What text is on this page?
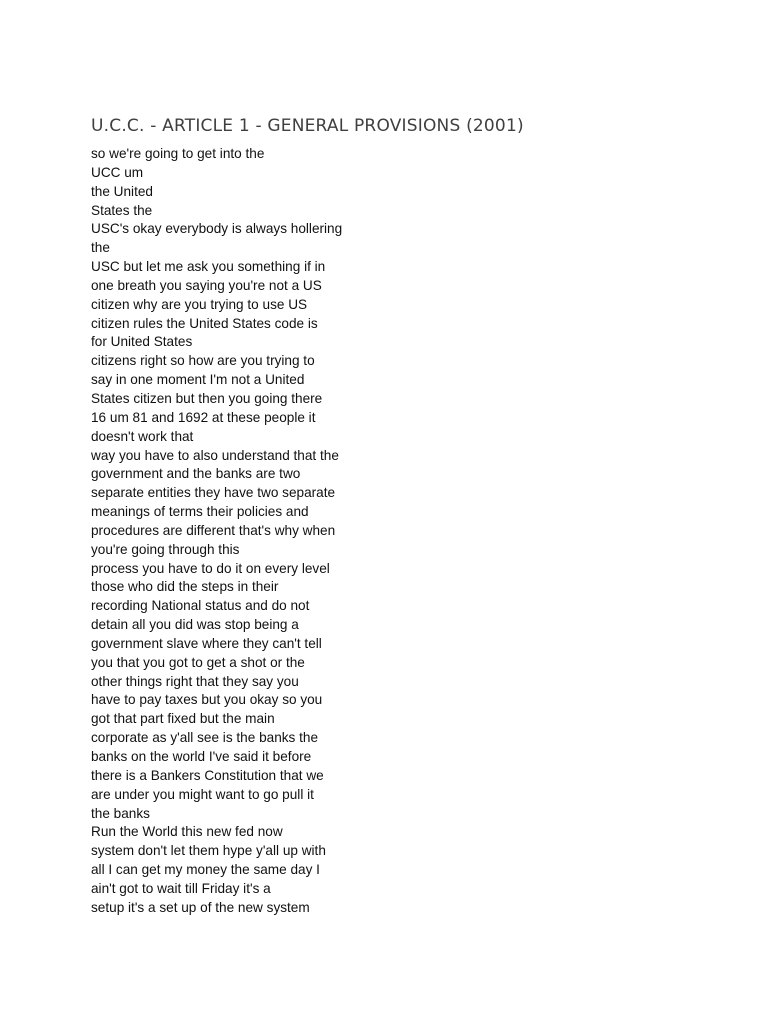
U.C.C. - ARTICLE 1 - GENERAL PROVISIONS (2001)
so we're going to get into the
UCC um
the United
States the
USC's okay everybody is always hollering
the
USC but let me ask you something if in
one breath you saying you're not a US
citizen why are you trying to use US
citizen rules the United States code is
for United States
citizens right so how are you trying to
say in one moment I'm not a United
States citizen but then you going there
16 um 81 and 1692 at these people it
doesn't work that
way you have to also understand that the
government and the banks are two
separate entities they have two separate
meanings of terms their policies and
procedures are different that's why when
you're going through this
process you have to do it on every level
those who did the steps in their
recording National status and do not
detain all you did was stop being a
government slave where they can't tell
you that you got to get a shot or the
other things right that they say you
have to pay taxes but you okay so you
got that part fixed but the main
corporate as y'all see is the banks the
banks on the world I've said it before
there is a Bankers Constitution that we
are under you might want to go pull it
the banks
Run the World this new fed now
system don't let them hype y'all up with
all I can get my money the same day I
ain't got to wait till Friday it's a
setup it's a set up of the new system
